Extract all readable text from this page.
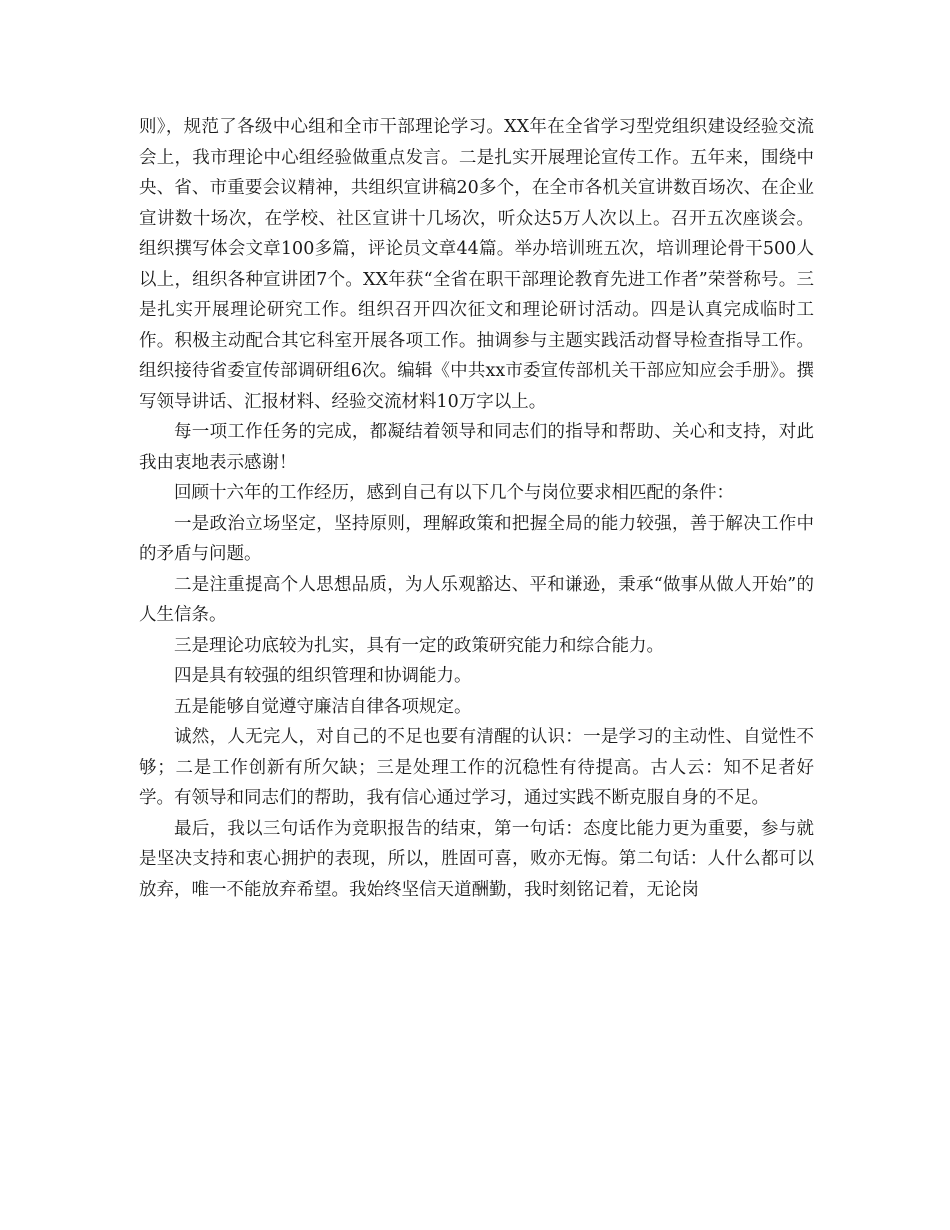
则》，规范了各级中心组和全市干部理论学习。XX年在全省学习型党组织建设经验交流会上，我市理论中心组经验做重点发言。二是扎实开展理论宣传工作。五年来，围绕中央、省、市重要会议精神，共组织宣讲稿20多个，在全市各机关宣讲数百场次、在企业宣讲数十场次，在学校、社区宣讲十几场次，听众达5万人次以上。召开五次座谈会。组织撰写体会文章100多篇，评论员文章44篇。举办培训班五次，培训理论骨干500人以上，组织各种宣讲团7个。XX年获“全省在职干部理论教育先进工作者”荣誉称号。三是扎实开展理论研究工作。组织召开四次征文和理论研讨活动。四是认真完成临时工作。积极主动配合其它科室开展各项工作。抽调参与主题实践活动督导检查指导工作。组织接待省委宣传部调研组6次。编辑《中共xx市委宣传部机关干部应知应会手册》。撰写领导讲话、汇报材料、经验交流材料10万字以上。

每一项工作任务的完成，都凝结着领导和同志们的指导和帮助、关心和支持，对此我由衷地表示感谢！

回顾十六年的工作经历，感到自己有以下几个与岗位要求相匹配的条件：

一是政治立场坚定，坚持原则，理解政策和把握全局的能力较强，善于解决工作中的矛盾与问题。

二是注重提高个人思想品质，为人乐观豁达、平和谦逊，秉承“做事从做人开始”的人生信条。

三是理论功底较为扎实，具有一定的政策研究能力和综合能力。

四是具有较强的组织管理和协调能力。

五是能够自觉遵守廉洁自律各项规定。

诚然，人无完人，对自己的不足也要有清醒的认识：一是学习的主动性、自觉性不够；二是工作创新有所欠缺；三是处理工作的沉稳性有待提高。古人云：知不足者好学。有领导和同志们的帮助，我有信心通过学习，通过实践不断克服自身的不足。

最后，我以三句话作为竞职报告的结束，第一句话：态度比能力更为重要，参与就是坚决支持和衷心拥护的表现，所以，胜固可喜，败亦无悔。第二句话：人什么都可以放弃，唯一不能放弃希望。我始终坚信天道酬勤，我时刻铭记着，无论岗
